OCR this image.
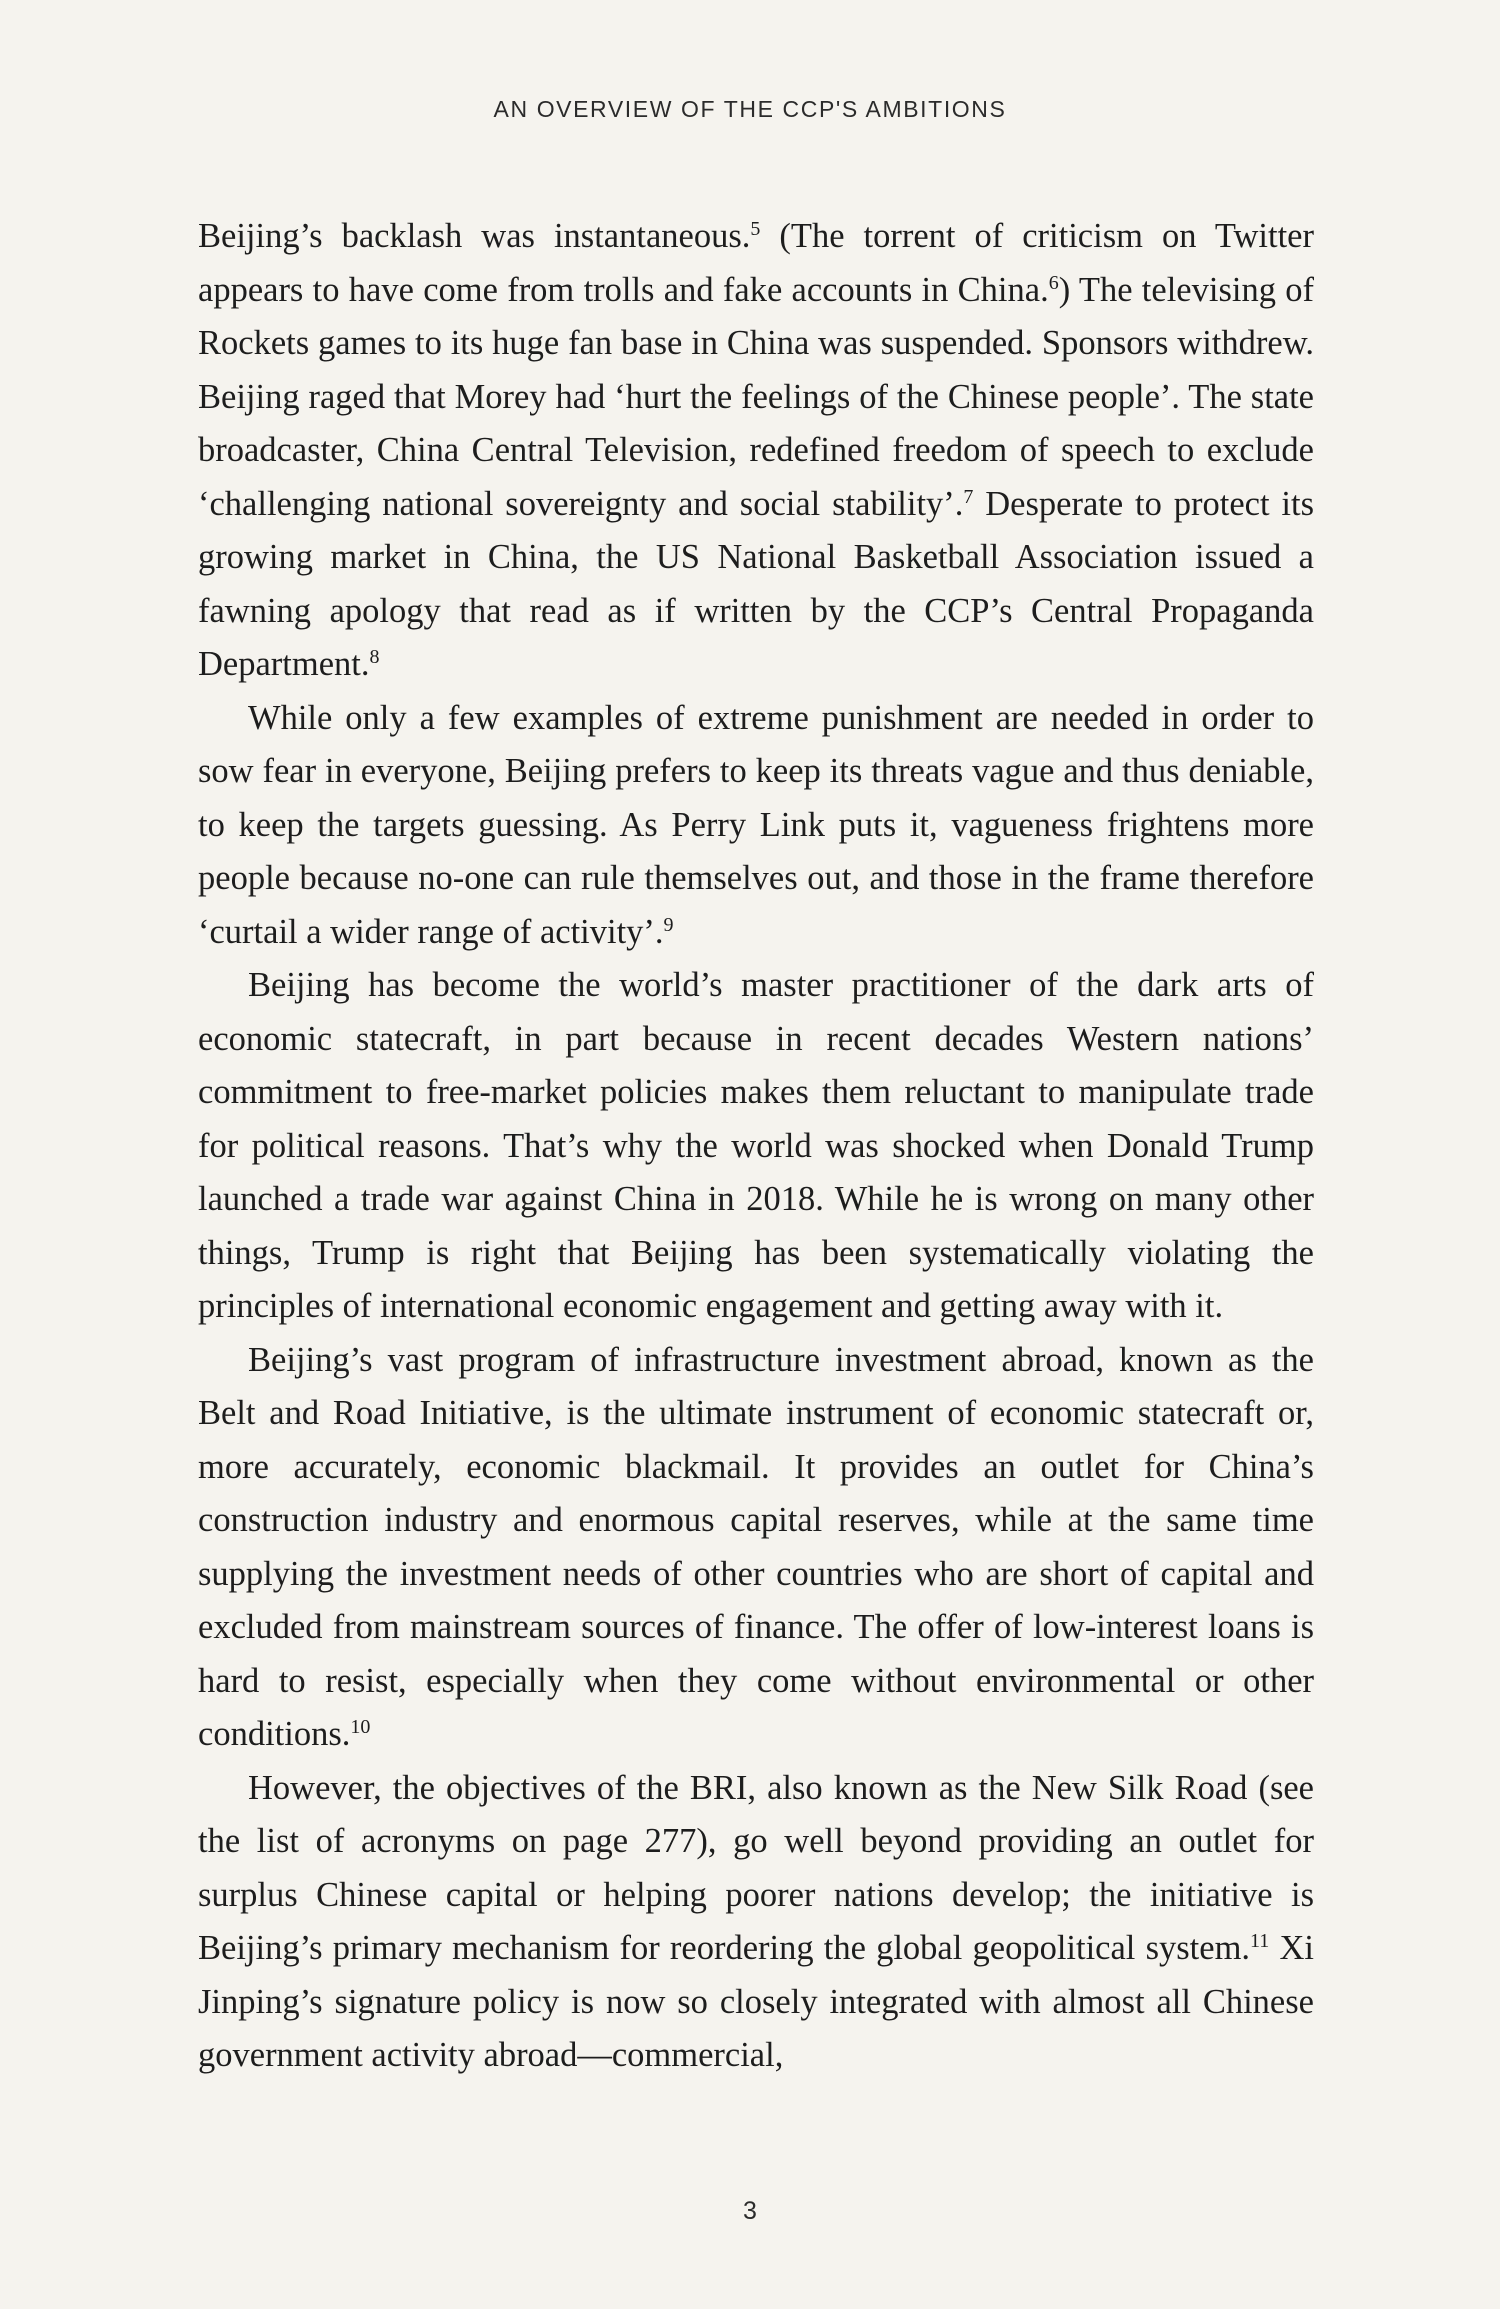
AN OVERVIEW OF THE CCP'S AMBITIONS

Beijing’s backlash was instantaneous.$^5$ (The torrent of criticism on Twitter appears to have come from trolls and fake accounts in China.$^6$) The televising of Rockets games to its huge fan base in China was suspended. Sponsors withdrew. Beijing raged that Morey had ‘hurt the feelings of the Chinese people’. The state broadcaster, China Central Television, redefined freedom of speech to exclude ‘challenging national sovereignty and social stability’.$^7$ Desperate to protect its growing market in China, the US National Basketball Association issued a fawning apology that read as if written by the CCP’s Central Propaganda Department.$^8$

While only a few examples of extreme punishment are needed in order to sow fear in everyone, Beijing prefers to keep its threats vague and thus deniable, to keep the targets guessing. As Perry Link puts it, vagueness frightens more people because no-one can rule themselves out, and those in the frame therefore ‘curtail a wider range of activity’.$^9$

Beijing has become the world’s master practitioner of the dark arts of economic statecraft, in part because in recent decades Western nations’ commitment to free-market policies makes them reluctant to manipulate trade for political reasons. That’s why the world was shocked when Donald Trump launched a trade war against China in 2018. While he is wrong on many other things, Trump is right that Beijing has been systematically violating the principles of international economic engagement and getting away with it.

Beijing’s vast program of infrastructure investment abroad, known as the Belt and Road Initiative, is the ultimate instrument of economic statecraft or, more accurately, economic blackmail. It provides an outlet for China’s construction industry and enormous capital reserves, while at the same time supplying the investment needs of other countries who are short of capital and excluded from mainstream sources of finance. The offer of low-interest loans is hard to resist, especially when they come without environmental or other conditions.$^{10}$

However, the objectives of the BRI, also known as the New Silk Road (see the list of acronyms on page 277), go well beyond providing an outlet for surplus Chinese capital or helping poorer nations develop; the initiative is Beijing’s primary mechanism for reordering the global geopolitical system.$^{11}$ Xi Jinping’s signature policy is now so closely integrated with almost all Chinese government activity abroad—commercial,

3
